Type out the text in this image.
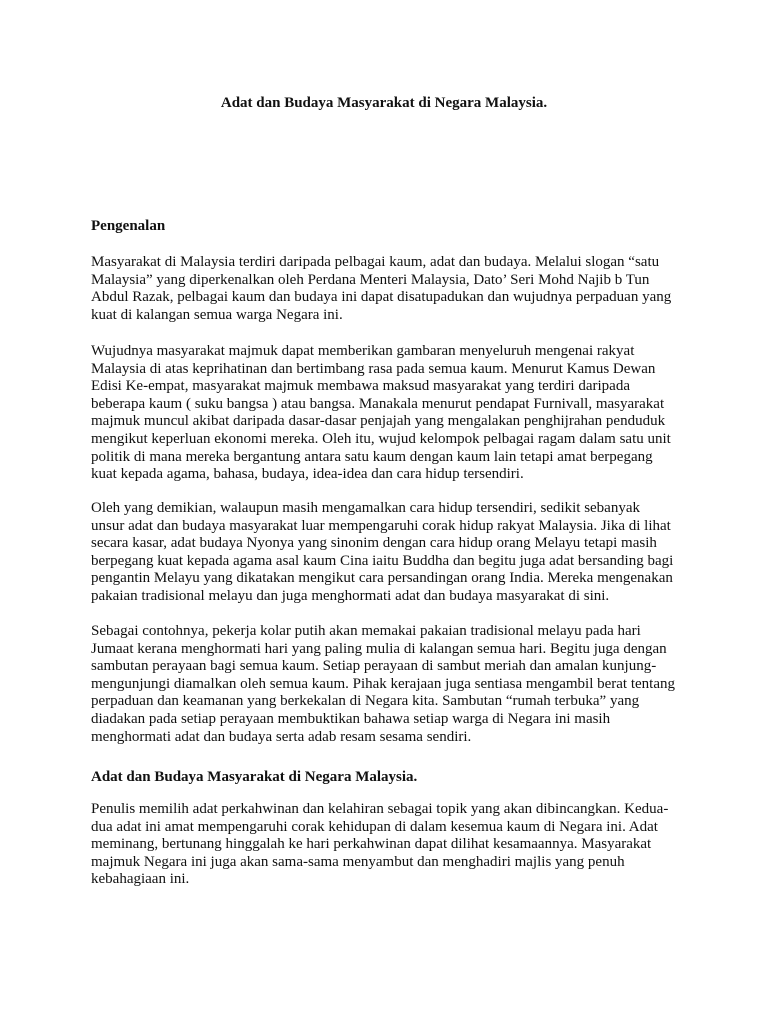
Adat dan Budaya Masyarakat di Negara Malaysia.
Pengenalan

Masyarakat di Malaysia terdiri daripada pelbagai kaum, adat dan budaya. Melalui slogan “satu
Malaysia” yang diperkenalkan oleh Perdana Menteri Malaysia, Dato’ Seri Mohd Najib b Tun
Abdul Razak, pelbagai kaum dan budaya ini dapat disatupadukan dan wujudnya perpaduan yang
kuat di kalangan semua warga Negara ini.

Wujudnya masyarakat majmuk dapat memberikan gambaran menyeluruh mengenai rakyat
Malaysia di atas keprihatinan dan bertimbang rasa pada semua kaum. Menurut Kamus Dewan
Edisi Ke-empat, masyarakat majmuk membawa maksud masyarakat yang terdiri daripada
beberapa kaum ( suku bangsa ) atau bangsa. Manakala menurut pendapat Furnivall, masyarakat
majmuk muncul akibat daripada dasar-dasar penjajah yang mengalakan penghijrahan penduduk
mengikut keperluan ekonomi mereka. Oleh itu, wujud kelompok pelbagai ragam dalam satu unit
politik di mana mereka bergantung antara satu kaum dengan kaum lain tetapi amat berpegang
kuat kepada agama, bahasa, budaya, idea-idea dan cara hidup tersendiri.

Oleh yang demikian, walaupun masih mengamalkan cara hidup tersendiri, sedikit sebanyak
unsur adat dan budaya masyarakat luar mempengaruhi corak hidup rakyat Malaysia. Jika di lihat
secara kasar, adat budaya Nyonya yang sinonim dengan cara hidup orang Melayu tetapi masih
berpegang kuat kepada agama asal kaum Cina iaitu Buddha dan begitu juga adat bersanding bagi
pengantin Melayu yang dikatakan mengikut cara persandingan orang India. Mereka mengenakan
pakaian tradisional melayu dan juga menghormati adat dan budaya masyarakat di sini.

Sebagai contohnya, pekerja kolar putih akan memakai pakaian tradisional melayu pada hari
Jumaat kerana menghormati hari yang paling mulia di kalangan semua hari. Begitu juga dengan
sambutan perayaan bagi semua kaum. Setiap perayaan di sambut meriah dan amalan kunjung-
mengunjungi diamalkan oleh semua kaum. Pihak kerajaan juga sentiasa mengambil berat tentang
perpaduan dan keamanan yang berkekalan di Negara kita. Sambutan “rumah terbuka” yang
diadakan pada setiap perayaan membuktikan bahawa setiap warga di Negara ini masih
menghormati adat dan budaya serta adab resam sesama sendiri.

Adat dan Budaya Masyarakat di Negara Malaysia.

Penulis memilih adat perkahwinan dan kelahiran sebagai topik yang akan dibincangkan. Kedua-
dua adat ini amat mempengaruhi corak kehidupan di dalam kesemua kaum di Negara ini. Adat
meminang, bertunang hinggalah ke hari perkahwinan dapat dilihat kesamaannya. Masyarakat
majmuk Negara ini juga akan sama-sama menyambut dan menghadiri majlis yang penuh
kebahagiaan ini.
